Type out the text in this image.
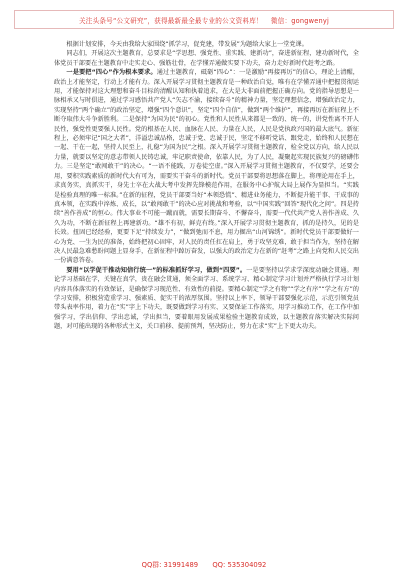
关注头条号“公文研究”，获得最新最全最专业的公文资料库！ 微信：gongwenyj

根据计划安排，今天由我给大家围绕“抓学习，促党建，带发展”为题给大家上一堂党课。

同志们，开展这次主题教育，总要求是“学思想、强党性、重实践、建新功”，奋进新征程，建功新时代，全体党员干部要在主题教育中走实走心、强筋壮骨，在学懂弄通做实要下功夫，奋力走好新时代赶考之路。

一是要把“四心”作为根本要求。通过主题教育，砥砺“四心”：一是激励“再接再厉”的信心，理论上清醒，政治上才能坚定，行动上才能有力。深入开展学习贯彻主题教育是一种政治自觉，唯有在学懂弄通中把握贯彻运用，才能保持对这大理想和奋斗目标的清醒认知和执着追求，在大是大非面前把握正确方向。党的指导思想是一脉相承又与时俱进，通过学习感悟共产党人“矢志不渝，接续奋斗”的精神力量，坚定理想信念，增强政治定力，实现坚持“两个确立”的政治坚定，增强“四个意识”，坚定“四个自信”，做到“两个维护”，再接再厉在新征程上不断夺取伟大斗争新胜利。二是保持“为国为民”的初心。党性和人民性从来都是一致的、统一的，讲党性离不开人民性，强党性更要强人民性。党的根基在人民、血脉在人民、力量在人民，人民是党执政兴国的最大底气。新征程上，必须牢记“国之大者”，洋溢忠诚品格，忠诚于党、忠诚于民，坚定不移听党话、跟党走，始终和人民想在一起、干在一起，坚持人民至上，扎稳“为国为民”之根。深入开展学习贯彻主题教育，检全党以方向，给人民以力量，就要以坚定的意志带领人民铸忠诚，牢记职责使命，依靠人民，为了人民，凝聚起实现民族复兴的磅礴伟力。三是坚定“敢闯敢干”的决心。“一语不能践，万卷徒空虚。”深入开展学习贯彻主题教育，不仅要学，还要会用，要积实践素质的新时代大有可为，需要实干奋斗的新时代。党员干部要将思想落在脚上，将理论用在手上，求真务实，真抓实干，身先士卒在大战大考中发挥先锋模范作用，在服务中心护航大局上展作为显担当。“实践是检验真理的唯一标准。”在新的征程，党员干部要当好“本领恐慌”、精进业务能力，不断提升能干事、干成事的真本领，在实践中淬炼、成长，以“敢闯敢干”的决心应对挑战和考验，以“中国实践”回答“现代化之问”。四是持续“善作善成”的恒心。伟大事业不可能一蹴而就，需要长期奋斗、不懈奋斗，需要一代代共产党人善作善成、久久为功，不断在新征程上再建新功。“雄不有初，鲜克有终。”深入开展学习贯彻主题教育，抓的是持久，见的是长效。扭固已经经验，更要下足“持续发力”，“做到弛而不息，用力掘出“山河锦绣”。新时代党员干部要做好一心为党、一生为民的准备，始终把初心固牢，对人民的责任扛在肩上，勇于攻坚克难，敢于担当作为，坚持在解决人民最急难愁盼问题上显身手，在新征程中踔厉奋发，以强大的政治定力在新的“赶考”之路上向党和人民交出一份满意答卷。

要用“以学促干推动知信行统一”的标准抓好学习，做到“四要”。一是要坚持以学求学深度动融会贯通。理论学习基础在学，关键在真学，贵在融会贯通，须全面学习、系统学习、精心制定学习计划并严格执行学习计划内容具体落实的有效保证，是确保学习现范性、有效性的前提。要精心制定“学之有物”“学之有序”“学之有方”的学习安排，积极营造重学习、强素质、促实干的浓厚氛围。坚持以上率下，领导干部要强化示范，示范引领党员带头表率作用，着力在“实”字上下功夫，既要做到学习有实、又要保证工作落实，用学习推动工作，在工作中加强学习，学出信仰、学出忠诚，学出担当，要着眼用发展成果检验主题教育成效，以主题教育落实解决实际问题，对可能出现的各种形式主义，关口前移、提前预判，坚决防止，努力在求“实”上下更大功夫。

QQ群: 31991489 QQ: 535304092
